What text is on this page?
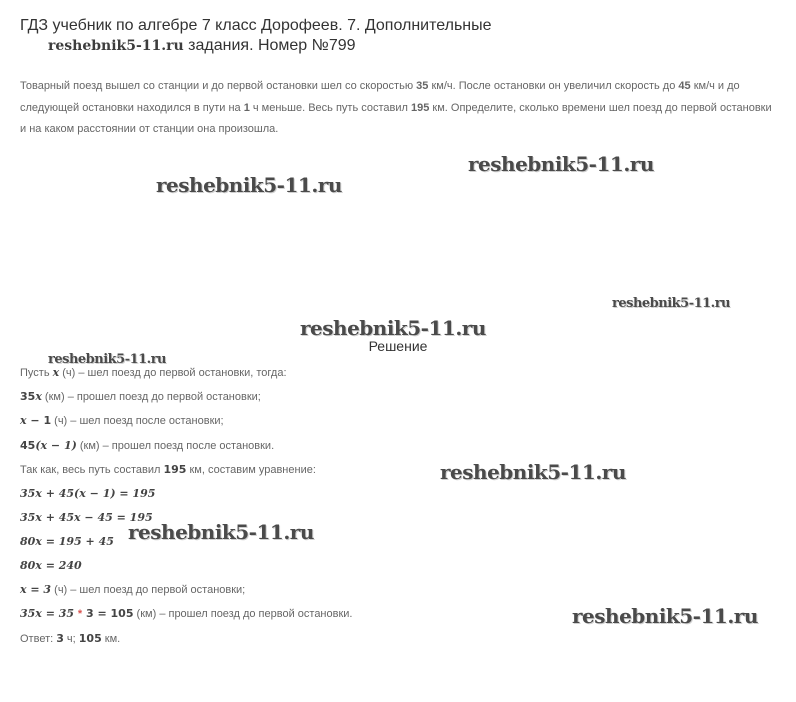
ГДЗ учебник по алгебре 7 класс Дорофеев. 7. Дополнительные
reshebnik5-11.ru задания. Номер №799
Товарный поезд вышел со станции и до первой остановки шел со скоростью 35 км/ч. После остановки он увеличил скорость до 45 км/ч и до следующей остановки находился в пути на 1 ч меньше. Весь путь составил 195 км. Определите, сколько времени шел поезд до первой остановки и на каком расстоянии от станции она произошла.
Решение
Пусть x (ч) – шел поезд до первой остановки, тогда:
35x (км) – прошел поезд до первой остановки;
x − 1 (ч) – шел поезд после остановки;
45(x − 1) (км) – прошел поезд после остановки.
Так как, весь путь составил 195 км, составим уравнение:
35x + 45(x − 1) = 195
35x + 45x − 45 = 195
80x = 195 + 45
80x = 240
x = 3 (ч) – шел поезд до первой остановки;
35x = 35 * 3 = 105 (км) – прошел поезд до первой остановки.
Ответ: 3 ч; 105 км.
reshebnik5-11.ru
reshebnik5-11.ru
reshebnik5-11.ru
reshebnik5-11.ru
reshebnik5-11.ru
reshebnik5-11.ru
reshebnik5-11.ru
reshebnik5-11.ru
